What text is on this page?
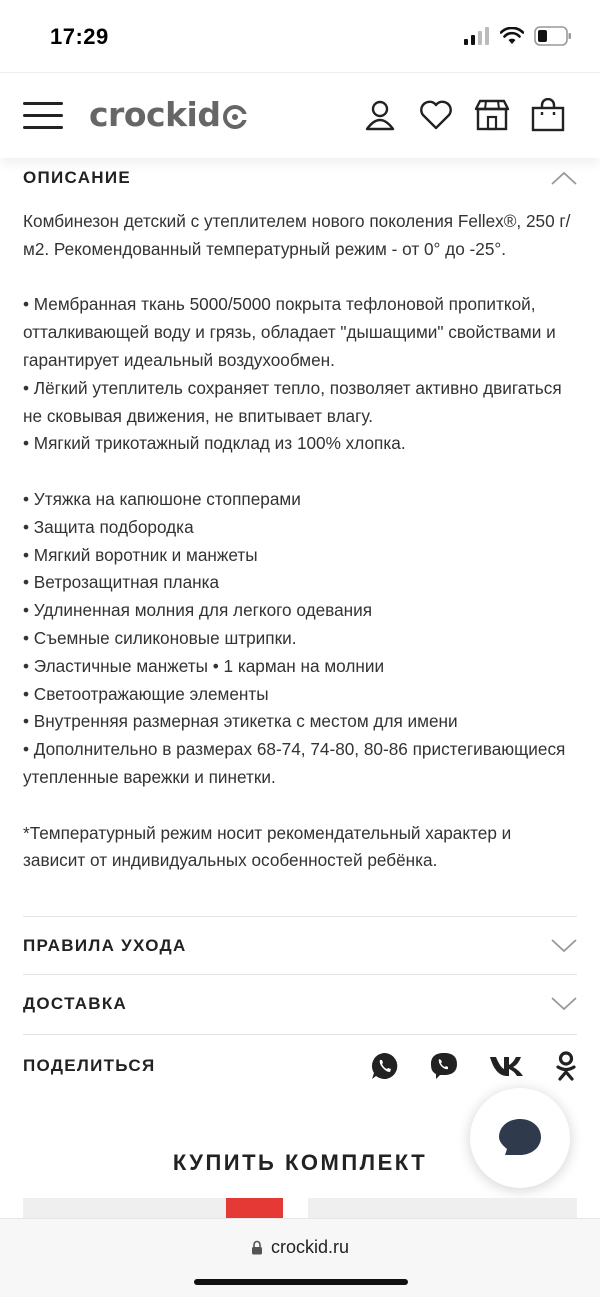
17:29
crockid
ОПИСАНИЕ

Комбинезон детский с утеплителем нового поколения Fellex®, 250 г/м2. Рекомендованный температурный режим - от 0° до -25°.

• Мембранная ткань 5000/5000 покрыта тефлоновой пропиткой, отталкивающей воду и грязь, обладает "дышащими" свойствами и гарантирует идеальный воздухообмен.

• Лёгкий утеплитель сохраняет тепло, позволяет активно двигаться не сковывая движения, не впитывает влагу.

• Мягкий трикотажный подклад из 100% хлопка.

• Утяжка на капюшоне стопперами

• Защита подбородка

• Мягкий воротник и манжеты

• Ветрозащитная планка

• Удлиненная молния для легкого одевания

• Съемные силиконовые штрипки.

• Эластичные манжеты • 1 карман на молнии

• Светоотражающие элементы

• Внутренняя размерная этикетка с местом для имени

• Дополнительно в размерах 68-74, 74-80, 80-86 пристегивающиеся утепленные варежки и пинетки.

*Температурный режим носит рекомендательный характер и зависит от индивидуальных особенностей ребёнка.

ПРАВИЛА УХОДА
ДОСТАВКА
ПОДЕЛИТЬСЯ
КУПИТЬ КОМПЛЕКТ
crockid.ru
